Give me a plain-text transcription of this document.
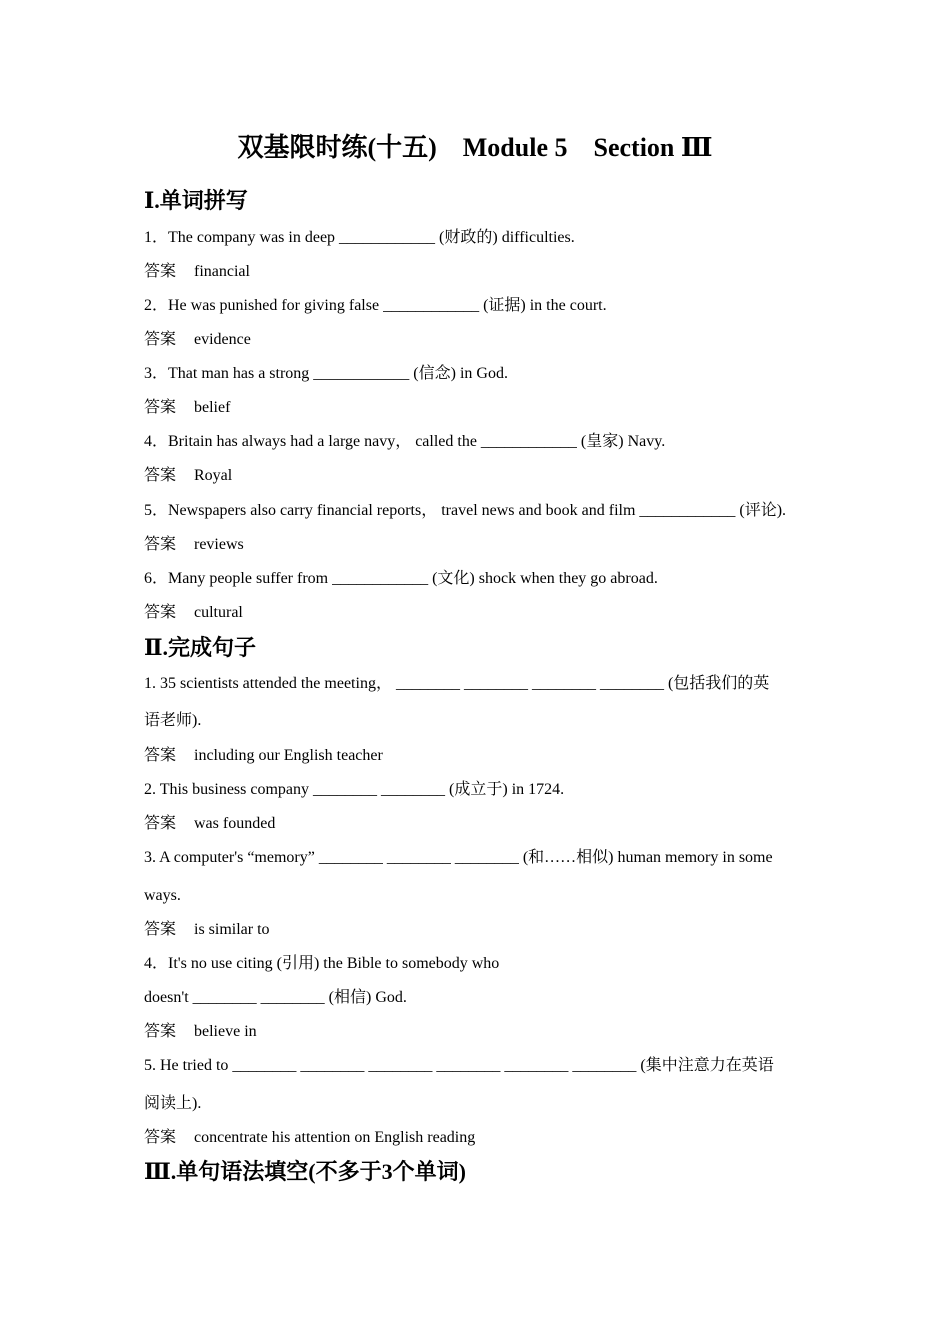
双基限时练(十五)　Module 5　Section Ⅲ
Ⅰ.单词拼写
1．The company was in deep ____________ (财政的) difficulties.
答案 financial
2．He was punished for giving false ____________ (证据) in the court.
答案 evidence
3．That man has a strong ____________ (信念) in God.
答案 belief
4．Britain has always had a large navy， called the ____________ (皇家) Navy.
答案 Royal
5．Newspapers also carry financial reports， travel news and book and film ____________ (评论).
答案 reviews
6．Many people suffer from ____________ (文化) shock when they go abroad.
答案 cultural
Ⅱ.完成句子
1. 35 scientists attended the meeting， ________ ________ ________ ________ (包括我们的英
语老师).
答案 including our English teacher
2. This business company ________ ________ (成立于) in 1724.
答案 was founded
3. A computer's “memory” ________ ________ ________ (和……相似) human memory in some
ways.
答案 is similar to
4．It's no use citing (引用) the Bible to somebody who
doesn't ________ ________ (相信) God.
答案 believe in
5. He tried to ________ ________ ________ ________ ________ ________ (集中注意力在英语
阅读上).
答案 concentrate his attention on English reading
Ⅲ.单句语法填空(不多于3个单词)
